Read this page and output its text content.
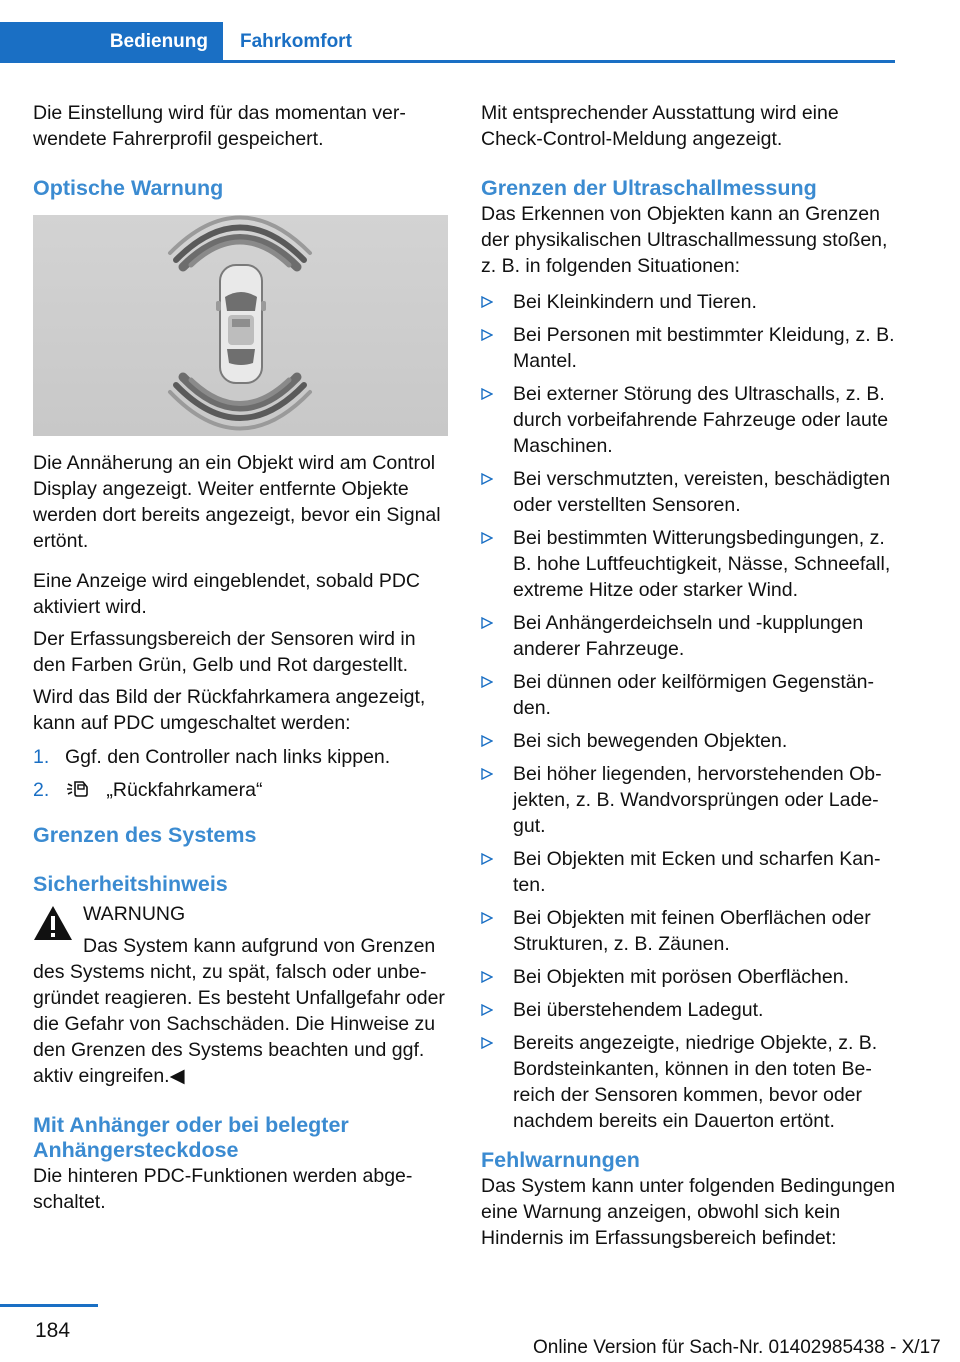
Bedienung	Fahrkomfort

Die Einstellung wird für das momentan verwendete Fahrerprofil gespeichert.

Optische Warnung

Die Annäherung an ein Objekt wird am Control Display angezeigt. Weiter entfernte Objekte werden dort bereits angezeigt, bevor ein Signal ertönt.

Eine Anzeige wird eingeblendet, sobald PDC aktiviert wird.

Der Erfassungsbereich der Sensoren wird in den Farben Grün, Gelb und Rot dargestellt.

Wird das Bild der Rückfahrkamera angezeigt, kann auf PDC umgeschaltet werden:

1. Ggf. den Controller nach links kippen.
2.	„Rückfahrkamera“
Grenzen des Systems
Sicherheitshinweis
WARNUNG

Das System kann aufgrund von Grenzen

des Systems nicht, zu spät, falsch oder unbegründet reagieren. Es besteht Unfallgefahr oder die Gefahr von Sachschäden. Die Hinweise zu den Grenzen des Systems beachten und ggf. aktiv eingreifen.◀

Mit Anhänger oder bei belegter Anhängersteckdose

Die hinteren PDC-Funktionen werden abgeschaltet.

Mit entsprechender Ausstattung wird eine Check-Control-Meldung angezeigt.

Grenzen der Ultraschallmessung

Das Erkennen von Objekten kann an Grenzen der physikalischen Ultraschallmessung stoßen, z. B. in folgenden Situationen:

Bei Kleinkindern und Tieren.
Bei Personen mit bestimmter Kleidung, z. B. Mantel.
Bei externer Störung des Ultraschalls, z. B. durch vorbeifahrende Fahrzeuge oder laute Maschinen.
Bei verschmutzten, vereisten, beschädigten oder verstellten Sensoren.
Bei bestimmten Witterungsbedingungen, z. B. hohe Luftfeuchtigkeit, Nässe, Schneefall, extreme Hitze oder starker Wind.
Bei Anhängerdeichseln und -kupplungen anderer Fahrzeuge.
Bei dünnen oder keilförmigen Gegenständen.
Bei sich bewegenden Objekten.
Bei höher liegenden, hervorstehenden Objekten, z. B. Wandvorsprüngen oder Ladegut.
Bei Objekten mit Ecken und scharfen Kanten.
Bei Objekten mit feinen Oberflächen oder Strukturen, z. B. Zäunen.
Bei Objekten mit porösen Oberflächen.
Bei überstehendem Ladegut.
Bereits angezeigte, niedrige Objekte, z. B. Bordsteinkanten, können in den toten Bereich der Sensoren kommen, bevor oder nachdem bereits ein Dauerton ertönt.
Fehlwarnungen

Das System kann unter folgenden Bedingungen eine Warnung anzeigen, obwohl sich kein Hindernis im Erfassungsbereich befindet:

184
Online Version für Sach-Nr. 01402985438 - X/17
